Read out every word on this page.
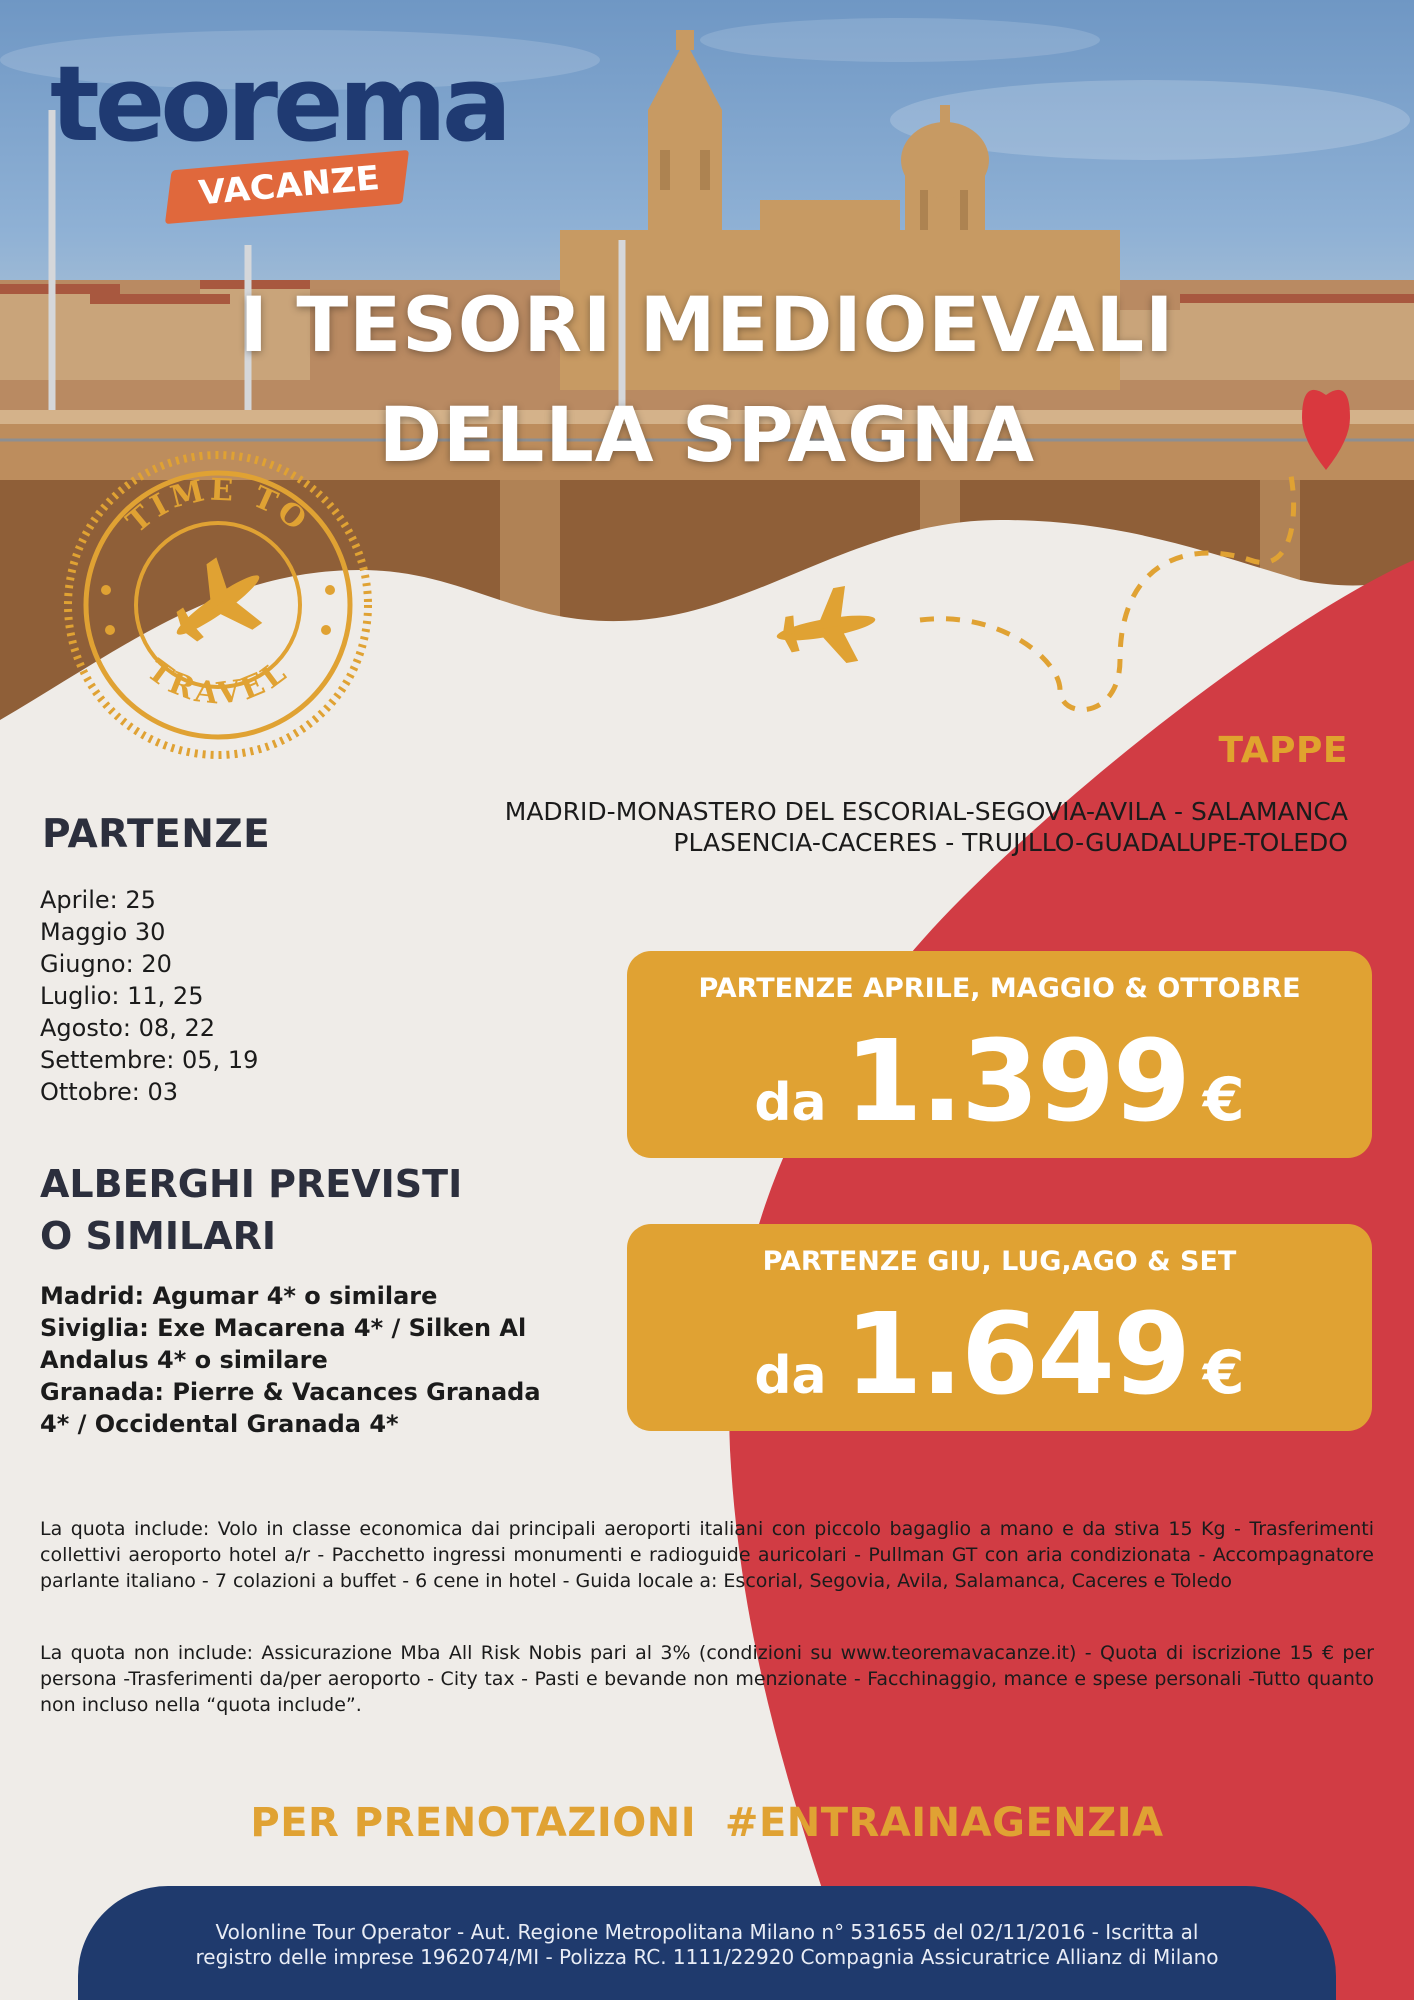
teorema
VACANZE
I TESORI MEDIOEVALI
DELLA SPAGNA
TIME TO
TRAVEL
TAPPE
MADRID-MONASTERO DEL ESCORIAL-SEGOVIA-AVILA - SALAMANCA
PLASENCIA-CACERES - TRUJILLO-GUADALUPE-TOLEDO
PARTENZE
Aprile: 25
Maggio 30
Giugno: 20
Luglio: 11, 25
Agosto: 08, 22
Settembre: 05, 19
Ottobre: 03
ALBERGHI PREVISTI
O SIMILARI
Madrid: Agumar 4* o similare
Siviglia: Exe Macarena 4* / Silken Al
Andalus 4* o similare
Granada: Pierre & Vacances Granada
4* / Occidental Granada 4*
PARTENZE APRILE, MAGGIO & OTTOBRE
da 1.399 €
PARTENZE GIU, LUG,AGO & SET
da 1.649 €

La quota include: Volo in classe economica dai principali aeroporti italiani con piccolo bagaglio a mano e da stiva 15 Kg - Trasferimenti collettivi aeroporto hotel a/r - Pacchetto ingressi monumenti e radioguide auricolari - Pullman GT con aria condizionata - Accompagnatore parlante italiano - 7 colazioni a buffet - 6 cene in hotel - Guida locale a: Escorial, Segovia, Avila, Salamanca, Caceres e Toledo

La quota non include: Assicurazione Mba All Risk Nobis pari al 3% (condizioni su www.teoremavacanze.it) - Quota di iscrizione 15 € per persona -Trasferimenti da/per aeroporto - City tax - Pasti e bevande non menzionate - Facchinaggio, mance e spese personali -Tutto quanto non incluso nella “quota include”.

PER PRENOTAZIONI  #ENTRAINAGENZIA
Volonline Tour Operator - Aut. Regione Metropolitana Milano n° 531655 del 02/11/2016 - Iscritta al
registro delle imprese 1962074/MI - Polizza RC. 1111/22920 Compagnia Assicuratrice Allianz di Milano
